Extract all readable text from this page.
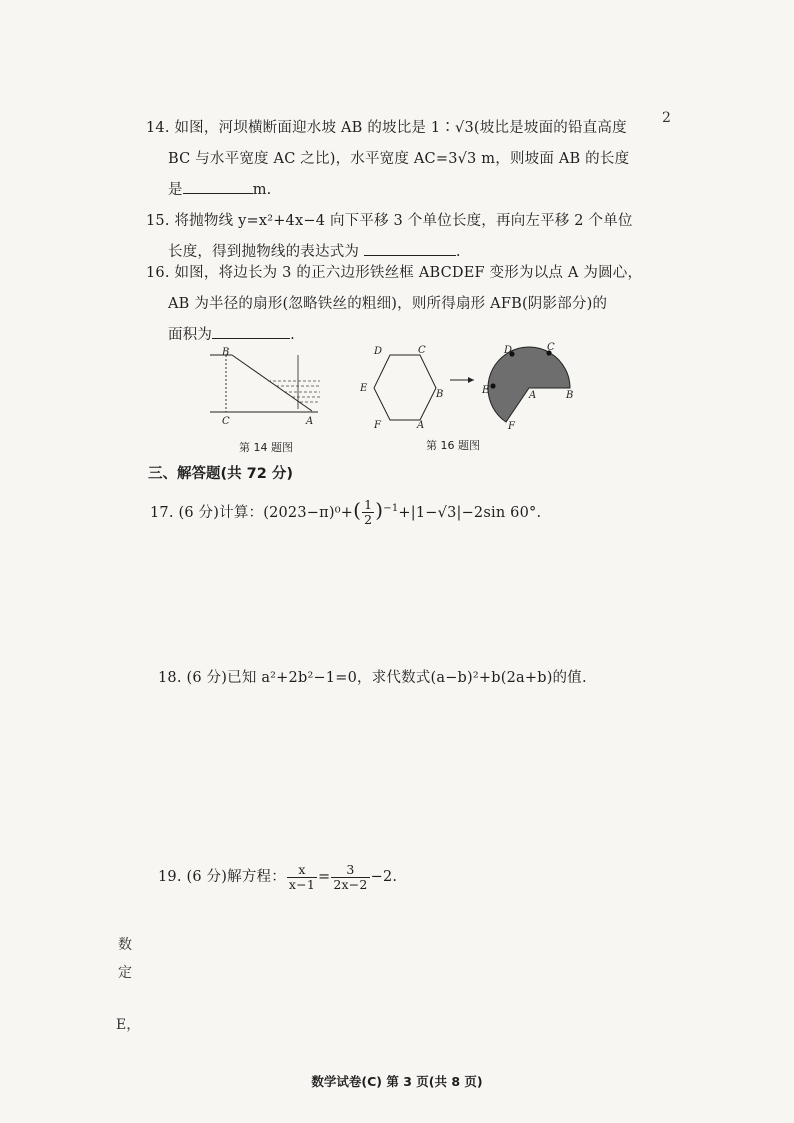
14. 如图，河坝横断面迎水坡 AB 的坡比是 1∶√3(坡比是坡面的铅直高度
BC 与水平宽度 AC 之比)，水平宽度 AC=3√3 m，则坡面 AB 的长度
是	m.
15. 将抛物线 y=x²+4x−4 向下平移 3 个单位长度，再向左平移 2 个单位
长度，得到抛物线的表达式为	.
16. 如图，将边长为 3 的正六边形铁丝框 ABCDEF 变形为以点 A 为圆心，
AB 为半径的扇形(忽略铁丝的粗细)，则所得扇形 AFB(阴影部分)的
面积为	.
B
C	A
第 14 题图
D	C
E
B
F	A
D	C
E	A	B
F
第 16 题图
三、解答题(共 72 分)
17. (6 分)计算：$(2023-\pi)^0+( \frac{1}{2} )^{-1}+|1-√3|-2\sin$ 60°.
18. (6 分)已知 a²+2b²−1=0，求代数式(a−b)²+b(2a+b)的值.
19. (6 分)解方程： $\frac{x}{x-1} = \frac{3}{2x-2} -2$.
数
定
E，
2
数学试卷(C) 第 3 页(共 8 页)
